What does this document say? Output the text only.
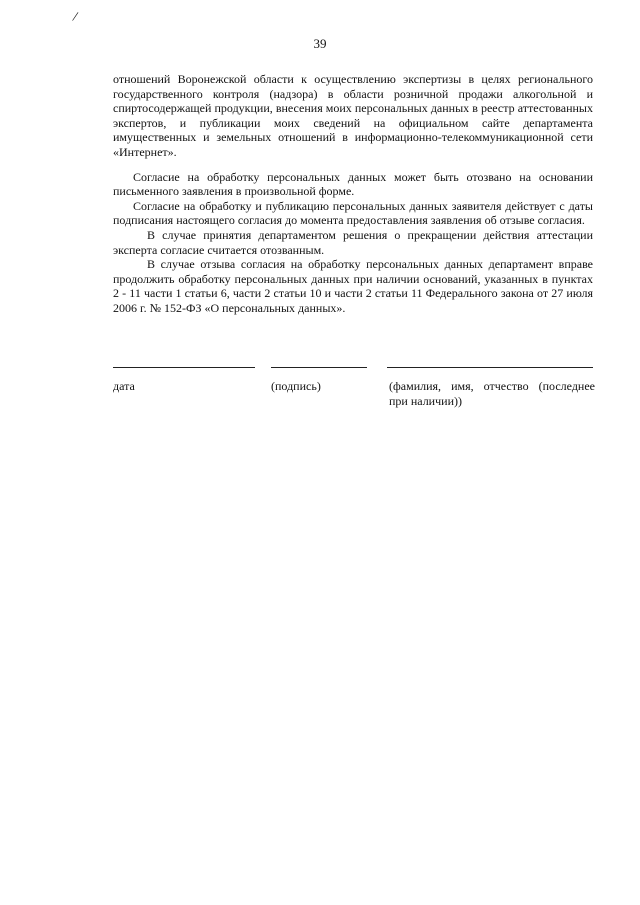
/
39

отношений Воронежской области к осуществлению экспертизы в целях регионального государственного контроля (надзора) в области розничной продажи алкогольной и спиртосодержащей продукции, внесения моих персональных данных в реестр аттестованных экспертов, и публикации моих сведений на официальном сайте департамента имущественных и земельных отношений в информационно-телекоммуникационной сети «Интернет».

Согласие на обработку персональных данных может быть отозвано на основании письменного заявления в произвольной форме.

Согласие на обработку и публикацию персональных данных заявителя действует с даты подписания настоящего согласия до момента предоставления заявления об отзыве согласия.

В случае принятия департаментом решения о прекращении действия аттестации эксперта согласие считается отозванным.

В случае отзыва согласия на обработку персональных данных департамент вправе продолжить обработку персональных данных при наличии оснований, указанных в пунктах 2 - 11 части 1 статьи 6, части 2 статьи 10 и части 2 статьи 11 Федерального закона от 27 июля 2006 г. № 152-ФЗ «О персональных данных».

дата	(подпись)	(фамилия, имя, отчество (последнее при наличии))
